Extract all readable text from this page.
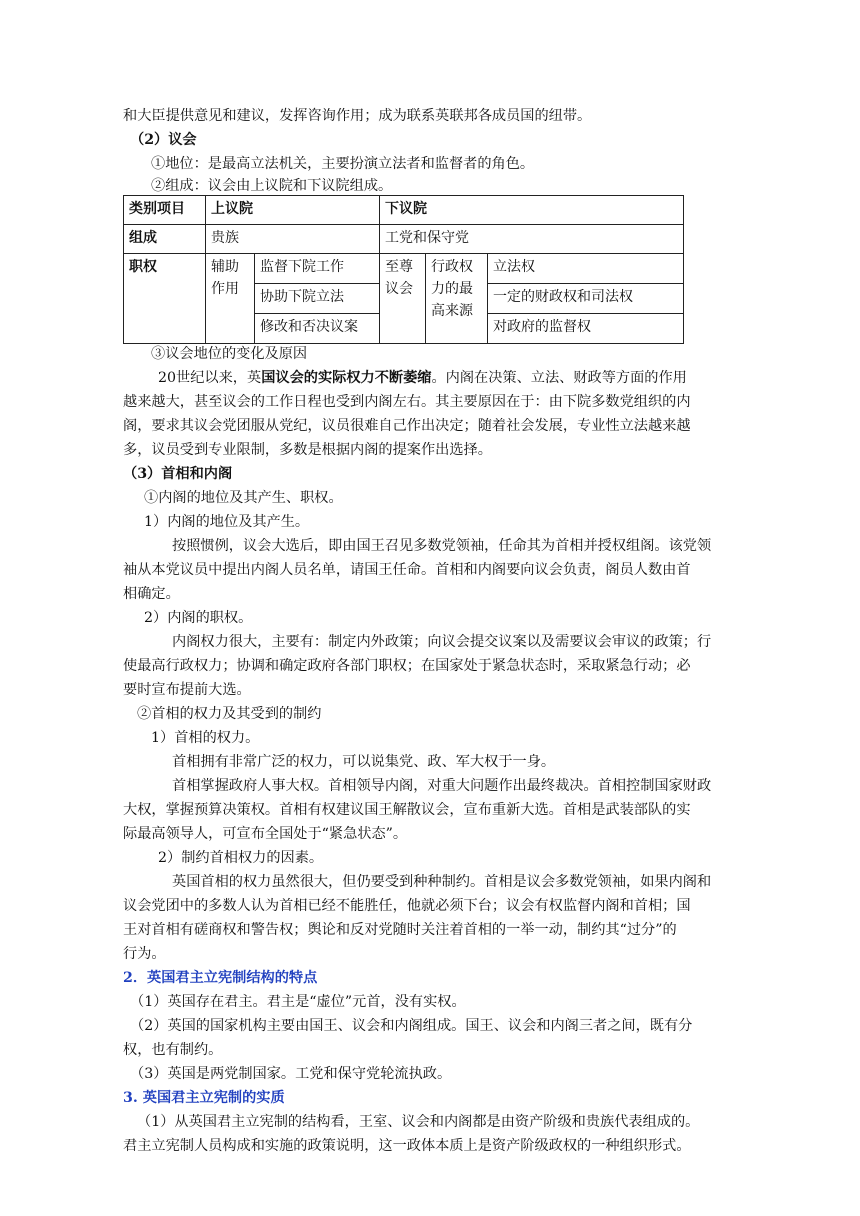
和大臣提供意见和建议，发挥咨询作用；成为联系英联邦各成员国的纽带。
（2）议会
①地位：是最高立法机关，主要扮演立法者和监督者的角色。
②组成：议会由上议院和下议院组成。
类别项目	上议院		下议院		
组成	贵族		工党和保守党		
职权	辅助作用	监督下院工作	至尊议会	行政权力的最高来源	立法权
		协助下院立法			一定的财政权和司法权
		修改和否决议案			对政府的监督权
③议会地位的变化及原因
20世纪以来，英国议会的实际权力不断萎缩。内阁在决策、立法、财政等方面的作用
越来越大，甚至议会的工作日程也受到内阁左右。其主要原因在于：由下院多数党组织的内
阁，要求其议会党团服从党纪，议员很难自己作出决定；随着社会发展，专业性立法越来越
多，议员受到专业限制，多数是根据内阁的提案作出选择。
（3）首相和内阁
①内阁的地位及其产生、职权。
1）内阁的地位及其产生。
按照惯例，议会大选后，即由国王召见多数党领袖，任命其为首相并授权组阁。该党领
袖从本党议员中提出内阁人员名单，请国王任命。首相和内阁要向议会负责，阁员人数由首
相确定。
2）内阁的职权。
内阁权力很大，主要有：制定内外政策；向议会提交议案以及需要议会审议的政策；行
使最高行政权力；协调和确定政府各部门职权；在国家处于紧急状态时，采取紧急行动；必
要时宣布提前大选。
②首相的权力及其受到的制约
1）首相的权力。
首相拥有非常广泛的权力，可以说集党、政、军大权于一身。
首相掌握政府人事大权。首相领导内阁，对重大问题作出最终裁决。首相控制国家财政
大权，掌握预算决策权。首相有权建议国王解散议会，宣布重新大选。首相是武装部队的实
际最高领导人，可宣布全国处于“紧急状态”。
2）制约首相权力的因素。
英国首相的权力虽然很大，但仍要受到种种制约。首相是议会多数党领袖，如果内阁和
议会党团中的多数人认为首相已经不能胜任，他就必须下台；议会有权监督内阁和首相；国
王对首相有磋商权和警告权；舆论和反对党随时关注着首相的一举一动，制约其“过分”的
行为。
2．英国君主立宪制结构的特点
（1）英国存在君主。君主是“虚位”元首，没有实权。
（2）英国的国家机构主要由国王、议会和内阁组成。国王、议会和内阁三者之间，既有分
权，也有制约。
（3）英国是两党制国家。工党和保守党轮流执政。
3. 英国君主立宪制的实质
（1）从英国君主立宪制的结构看，王室、议会和内阁都是由资产阶级和贵族代表组成的。
君主立宪制人员构成和实施的政策说明，这一政体本质上是资产阶级政权的一种组织形式。
